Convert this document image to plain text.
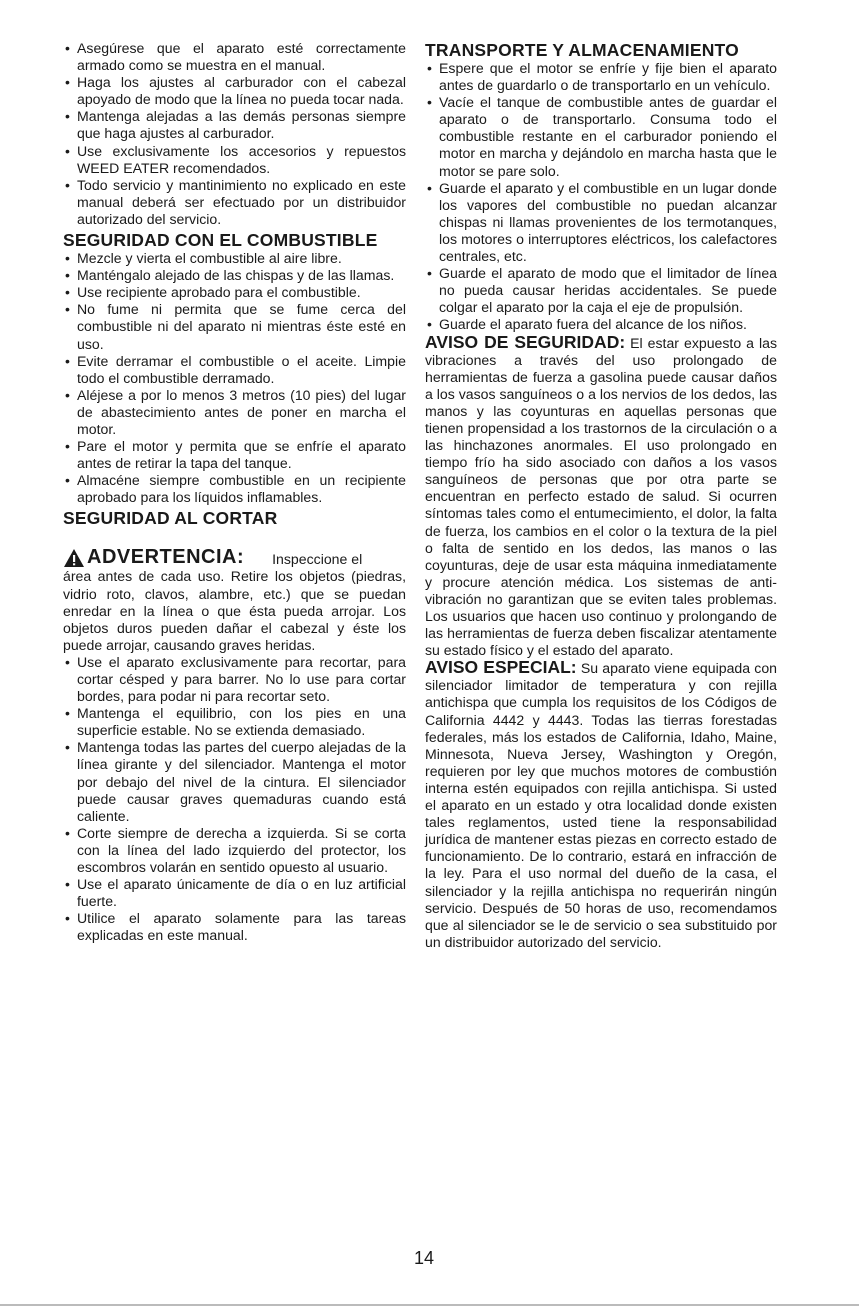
• Asegúrese que el aparato esté correctamente armado como se muestra en el manual.
• Haga los ajustes al carburador con el cabezal apoyado de modo que la línea no pueda tocar nada.
• Mantenga alejadas a las demás personas siempre que haga ajustes al carburador.
• Use exclusivamente los accesorios y repuestos WEED EATER recomendados.
• Todo servicio y mantinimiento no explicado en este manual deberá ser efectuado por un distribuidor autorizado del servicio.
SEGURIDAD CON EL COMBUSTIBLE
• Mezcle y vierta el combustible al aire libre.
• Manténgalo alejado de las chispas y de las llamas.
• Use recipiente aprobado para el combustible.
• No fume ni permita que se fume cerca del combustible ni del aparato ni mientras éste esté en uso.
• Evite derramar el combustible o el aceite. Limpie todo el combustible derramado.
• Aléjese a por lo menos 3 metros (10 pies) del lugar de abastecimiento antes de poner en marcha el motor.
• Pare el motor y permita que se enfríe el aparato antes de retirar la tapa del tanque.
• Almacéne siempre combustible en un recipiente aprobado para los líquidos inflamables.
SEGURIDAD AL CORTAR
ADVERTENCIA: Inspeccione el

área antes de cada uso. Retire los objetos (piedras, vidrio roto, clavos, alambre, etc.) que se puedan enredar en la línea o que ésta pueda arrojar. Los objetos duros pueden dañar el cabezal y éste los puede arrojar, causando graves heridas.

• Use el aparato exclusivamente para recortar, para cortar césped y para barrer. No lo use para cortar bordes, para podar ni para recortar seto.
• Mantenga el equilibrio, con los pies en una superficie estable. No se extienda demasiado.
• Mantenga todas las partes del cuerpo alejadas de la línea girante y del silenciador. Mantenga el motor por debajo del nivel de la cintura. El silenciador puede causar graves quemaduras cuando está caliente.
• Corte siempre de derecha a izquierda. Si se corta con la línea del lado izquierdo del protector, los escombros volarán en sentido opuesto al usuario.
• Use el aparato únicamente de día o en luz artificial fuerte.
• Utilice el aparato solamente para las tareas explicadas en este manual.
TRANSPORTE Y ALMACENAMIENTO
• Espere que el motor se enfríe y fije bien el aparato antes de guardarlo o de transportarlo en un vehículo.
• Vacíe el tanque de combustible antes de guardar el aparato o de transportarlo. Consuma todo el combustible restante en el carburador poniendo el motor en marcha y dejándolo en marcha hasta que le motor se pare solo.
• Guarde el aparato y el combustible en un lugar donde los vapores del combustible no puedan alcanzar chispas ni llamas provenientes de los termotanques, los motores o interruptores eléctricos, los calefactores centrales, etc.
• Guarde el aparato de modo que el limitador de línea no pueda causar heridas accidentales. Se puede colgar el aparato por la caja el eje de propulsión.
• Guarde el aparato fuera del alcance de los niños.

AVISO DE SEGURIDAD: El estar expuesto a las vibraciones a través del uso prolongado de herramientas de fuerza a gasolina puede causar daños a los vasos sanguíneos o a los nervios de los dedos, las manos y las coyunturas en aquellas personas que tienen propensidad a los trastornos de la circulación o a las hinchazones anormales. El uso prolongado en tiempo frío ha sido asociado con daños a los vasos sanguíneos de personas que por otra parte se encuentran en perfecto estado de salud. Si ocurren síntomas tales como el entumecimiento, el dolor, la falta de fuerza, los cambios en el color o la textura de la piel o falta de sentido en los dedos, las manos o las coyunturas, deje de usar esta máquina inmediatamente y procure atención médica. Los sistemas de anti-vibración no garantizan que se eviten tales problemas. Los usuarios que hacen uso continuo y prolongando de las herramientas de fuerza deben fiscalizar atentamente su estado físico y el estado del aparato.

AVISO ESPECIAL: Su aparato viene equipada con silenciador limitador de temperatura y con rejilla antichispa que cumpla los requisitos de los Códigos de California 4442 y 4443. Todas las tierras forestadas federales, más los estados de California, Idaho, Maine, Minnesota, Nueva Jersey, Washington y Oregón, requieren por ley que muchos motores de combustión interna estén equipados con rejilla antichispa. Si usted el aparato en un estado y otra localidad donde existen tales reglamentos, usted tiene la responsabilidad jurídica de mantener estas piezas en correcto estado de funcionamiento. De lo contrario, estará en infracción de la ley. Para el uso normal del dueño de la casa, el silenciador y la rejilla antichispa no requerirán ningún servicio. Después de 50 horas de uso, recomendamos que al silenciador se le de servicio o sea substituido por un distribuidor autorizado del servicio.

14
